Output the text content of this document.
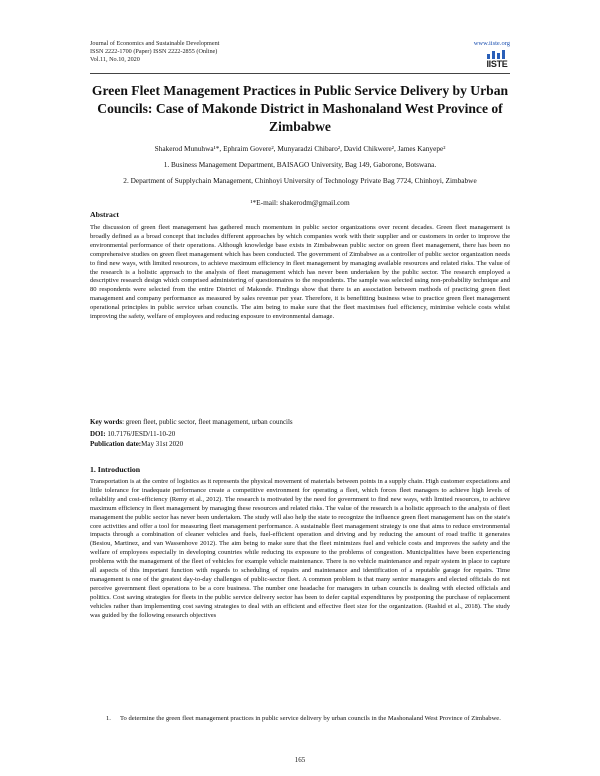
Journal of Economics and Sustainable Development
ISSN 2222-1700 (Paper) ISSN 2222-2855 (Online)
Vol.11, No.10, 2020
www.iiste.org
IISTE
Green Fleet Management Practices in Public Service Delivery by Urban Councils: Case of Makonde District in Mashonaland West Province of Zimbabwe
Shakerod Munuhwa¹*, Ephraim Govere², Munyaradzi Chibaro², David Chikwere², James Kanyepe²
1. Business Management Department, BAISAGO University, Bag 149, Gaborone, Botswana.
2. Department of Supplychain Management, Chinhoyi University of Technology Private Bag 7724, Chinhoyi, Zimbabwe
¹*E-mail: shakerodm@gmail.com
Abstract
The discussion of green fleet management has gathered much momentum in public sector organizations over recent decades. Green fleet management is broadly defined as a broad concept that includes different approaches by which companies work with their supplier and or customers in order to improve the environmental performance of their operations. Although knowledge base exists in Zimbabwean public sector on green fleet management, there has been no comprehensive studies on green fleet management which has been conducted. The government of Zimbabwe as a controller of public sector organization needs to find new ways, with limited resources, to achieve maximum efficiency in fleet management by managing available resources and related risks. The value of the research is a holistic approach to the analysis of fleet management which has never been undertaken by the public sector. The research employed a descriptive research design which comprised administering of questionnaires to the respondents. The sample was selected using non-probability technique and 80 respondents were selected from the entire District of Makonde. Findings show that there is an association between methods of practicing green fleet management and company performance as measured by sales revenue per year. Therefore, it is benefitting business wise to practice green fleet management operational principles in public service urban councils. The aim being to make sure that the fleet maximises fuel efficiency, minimise vehicle costs whilst improving the safety, welfare of employees and reducing exposure to environmental damage.
Key words: green fleet, public sector, fleet management, urban councils
DOI: 10.7176/JESD/11-10-20
Publication date:May 31st 2020
1. Introduction
Transportation is at the centre of logistics as it represents the physical movement of materials between points in a supply chain. High customer expectations and little tolerance for inadequate performance create a competitive environment for operating a fleet, which forces fleet managers to achieve high levels of reliability and cost-efficiency (Remy et al., 2012). The research is motivated by the need for government to find new ways, with limited resources, to achieve maximum efficiency in fleet management by managing these resources and related risks. The value of the research is a holistic approach to the analysis of fleet management the public sector has never been undertaken. The study will also help the state to recognize the influence green fleet management has on the state's core activities and offer a tool for measuring fleet management performance. A sustainable fleet management strategy is one that aims to reduce environmental impacts through a combination of cleaner vehicles and fuels, fuel-efficient operation and driving and by reducing the amount of road traffic it generates (Besiou, Martinez, and van Wassenhove 2012). The aim being to make sure that the fleet minimizes fuel and vehicle costs and improves the safety and the welfare of employees especially in developing countries while reducing its exposure to the problems of congestion. Municipalities have been experiencing problems with the management of the fleet of vehicles for example vehicle maintenance. There is no vehicle maintenance and repair system in place to capture all aspects of this important function with regards to scheduling of repairs and maintenance and identification of a reputable garage for repairs. Time management is one of the greatest day-to-day challenges of public-sector fleet. A common problem is that many senior managers and elected officials do not perceive government fleet operations to be a core business. The number one headache for managers in urban councils is dealing with elected officials and politics. Cost saving strategies for fleets in the public service delivery sector has been to defer capital expenditures by postponing the purchase of replacement vehicles rather than implementing cost saving strategies to deal with an efficient and effective fleet size for the organization. (Rashid et al., 2018). The study was guided by the following research objectives
1. To determine the green fleet management practices in public service delivery by urban councils in the Mashonaland West Province of Zimbabwe.
165
